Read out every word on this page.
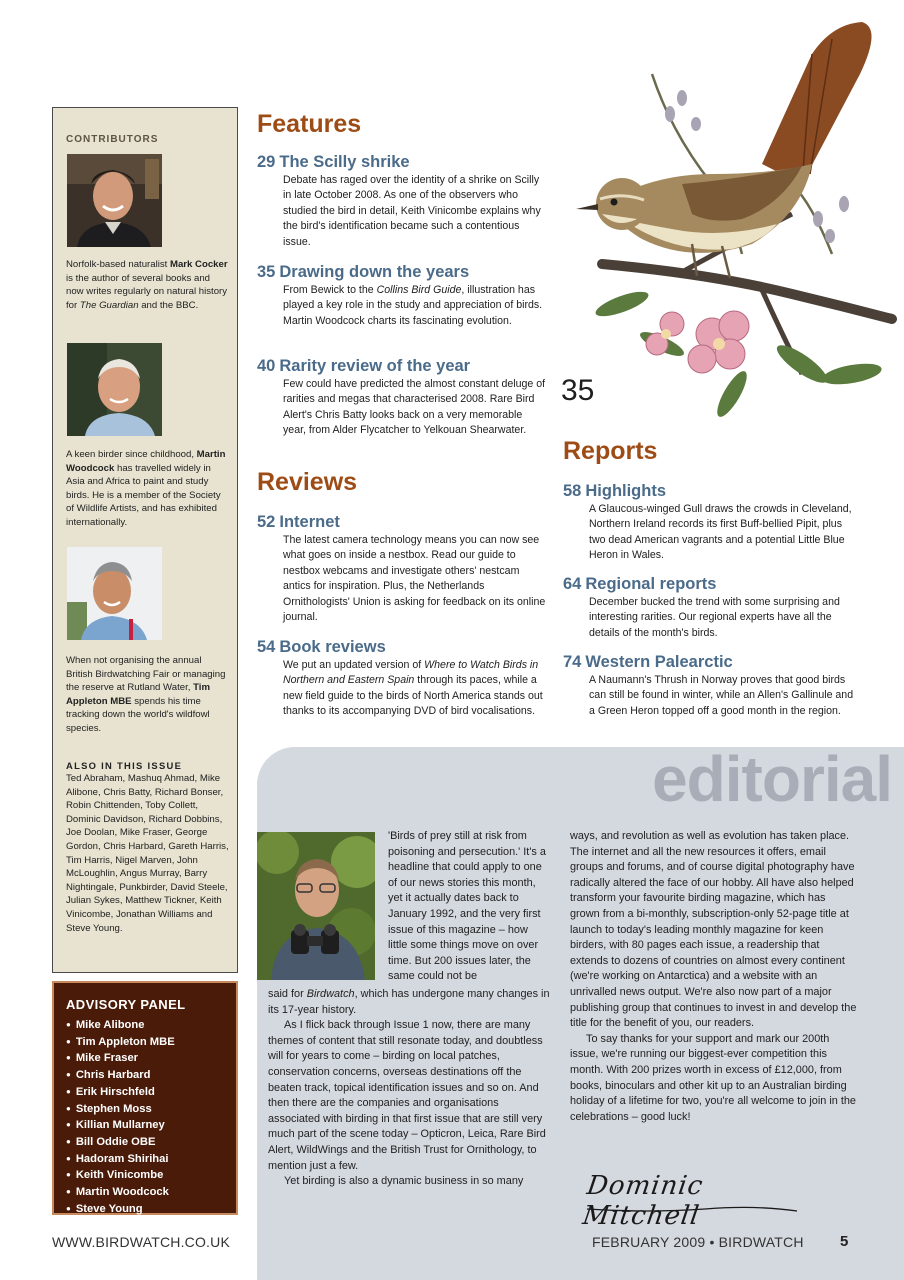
CONTRIBUTORS
Norfolk-based naturalist Mark Cocker is the author of several books and now writes regularly on natural history for The Guardian and the BBC.
A keen birder since childhood, Martin Woodcock has travelled widely in Asia and Africa to paint and study birds. He is a member of the Society of Wildlife Artists, and has exhibited internationally.
When not organising the annual British Birdwatching Fair or managing the reserve at Rutland Water, Tim Appleton MBE spends his time tracking down the world's wildfowl species.
ALSO IN THIS ISSUE
Ted Abraham, Mashuq Ahmad, Mike Alibone, Chris Batty, Richard Bonser, Robin Chittenden, Toby Collett, Dominic Davidson, Richard Dobbins, Joe Doolan, Mike Fraser, George Gordon, Chris Harbard, Gareth Harris, Tim Harris, Nigel Marven, John McLoughlin, Angus Murray, Barry Nightingale, Punkbirder, David Steele, Julian Sykes, Matthew Tickner, Keith Vinicombe, Jonathan Williams and Steve Young.
ADVISORY PANEL
● Mike Alibone
● Tim Appleton MBE
● Mike Fraser
● Chris Harbard
● Erik Hirschfeld
● Stephen Moss
● Killian Mullarney
● Bill Oddie OBE
● Hadoram Shirihai
● Keith Vinicombe
● Martin Woodcock
● Steve Young
Features
29 The Scilly shrike
Debate has raged over the identity of a shrike on Scilly in late October 2008. As one of the observers who studied the bird in detail, Keith Vinicombe explains why the bird's identification became such a contentious issue.
35 Drawing down the years
From Bewick to the Collins Bird Guide, illustration has played a key role in the study and appreciation of birds. Martin Woodcock charts its fascinating evolution.
40 Rarity review of the year
Few could have predicted the almost constant deluge of rarities and megas that characterised 2008. Rare Bird Alert's Chris Batty looks back on a very memorable year, from Alder Flycatcher to Yelkouan Shearwater.
Reviews
52 Internet
The latest camera technology means you can now see what goes on inside a nestbox. Read our guide to nestbox webcams and investigate others' nestcam antics for inspiration. Plus, the Netherlands Ornithologists' Union is asking for feedback on its online journal.
54 Book reviews
We put an updated version of Where to Watch Birds in Northern and Eastern Spain through its paces, while a new field guide to the birds of North America stands out thanks to its accompanying DVD of bird vocalisations.
35
Reports
58 Highlights
A Glaucous-winged Gull draws the crowds in Cleveland, Northern Ireland records its first Buff-bellied Pipit, plus two dead American vagrants and a potential Little Blue Heron in Wales.
64 Regional reports
December bucked the trend with some surprising and interesting rarities. Our regional experts have all the details of the month's birds.
74 Western Palearctic
A Naumann's Thrush in Norway proves that good birds can still be found in winter, while an Allen's Gallinule and a Green Heron topped off a good month in the region.
editorial
'Birds of prey still at risk from poisoning and persecution.' It's a headline that could apply to one of our news stories this month, yet it actually dates back to January 1992, and the very first issue of this magazine – how little some things move on over time. But 200 issues later, the same could not be

said for Birdwatch, which has undergone many changes in its 17-year history.

As I flick back through Issue 1 now, there are many themes of content that still resonate today, and doubtless will for years to come – birding on local patches, conservation concerns, overseas destinations off the beaten track, topical identification issues and so on. And then there are the companies and organisations associated with birding in that first issue that are still very much part of the scene today – Opticron, Leica, Rare Bird Alert, WildWings and the British Trust for Ornithology, to mention just a few.

Yet birding is also a dynamic business in so many

ways, and revolution as well as evolution has taken place. The internet and all the new resources it offers, email groups and forums, and of course digital photography have radically altered the face of our hobby. All have also helped transform your favourite birding magazine, which has grown from a bi-monthly, subscription-only 52-page title at launch to today's leading monthly magazine for keen birders, with 80 pages each issue, a readership that extends to dozens of countries on almost every continent (we're working on Antarctica) and a website with an unrivalled news output. We're also now part of a major publishing group that continues to invest in and develop the title for the benefit of you, our readers.

To say thanks for your support and mark our 200th issue, we're running our biggest-ever competition this month. With 200 prizes worth in excess of £12,000, from books, binoculars and other kit up to an Australian birding holiday of a lifetime for two, you're all welcome to join in the celebrations – good luck!

Dominic Mitchell
WWW.BIRDWATCH.CO.UK	FEBRUARY 2009 • BIRDWATCH 5
